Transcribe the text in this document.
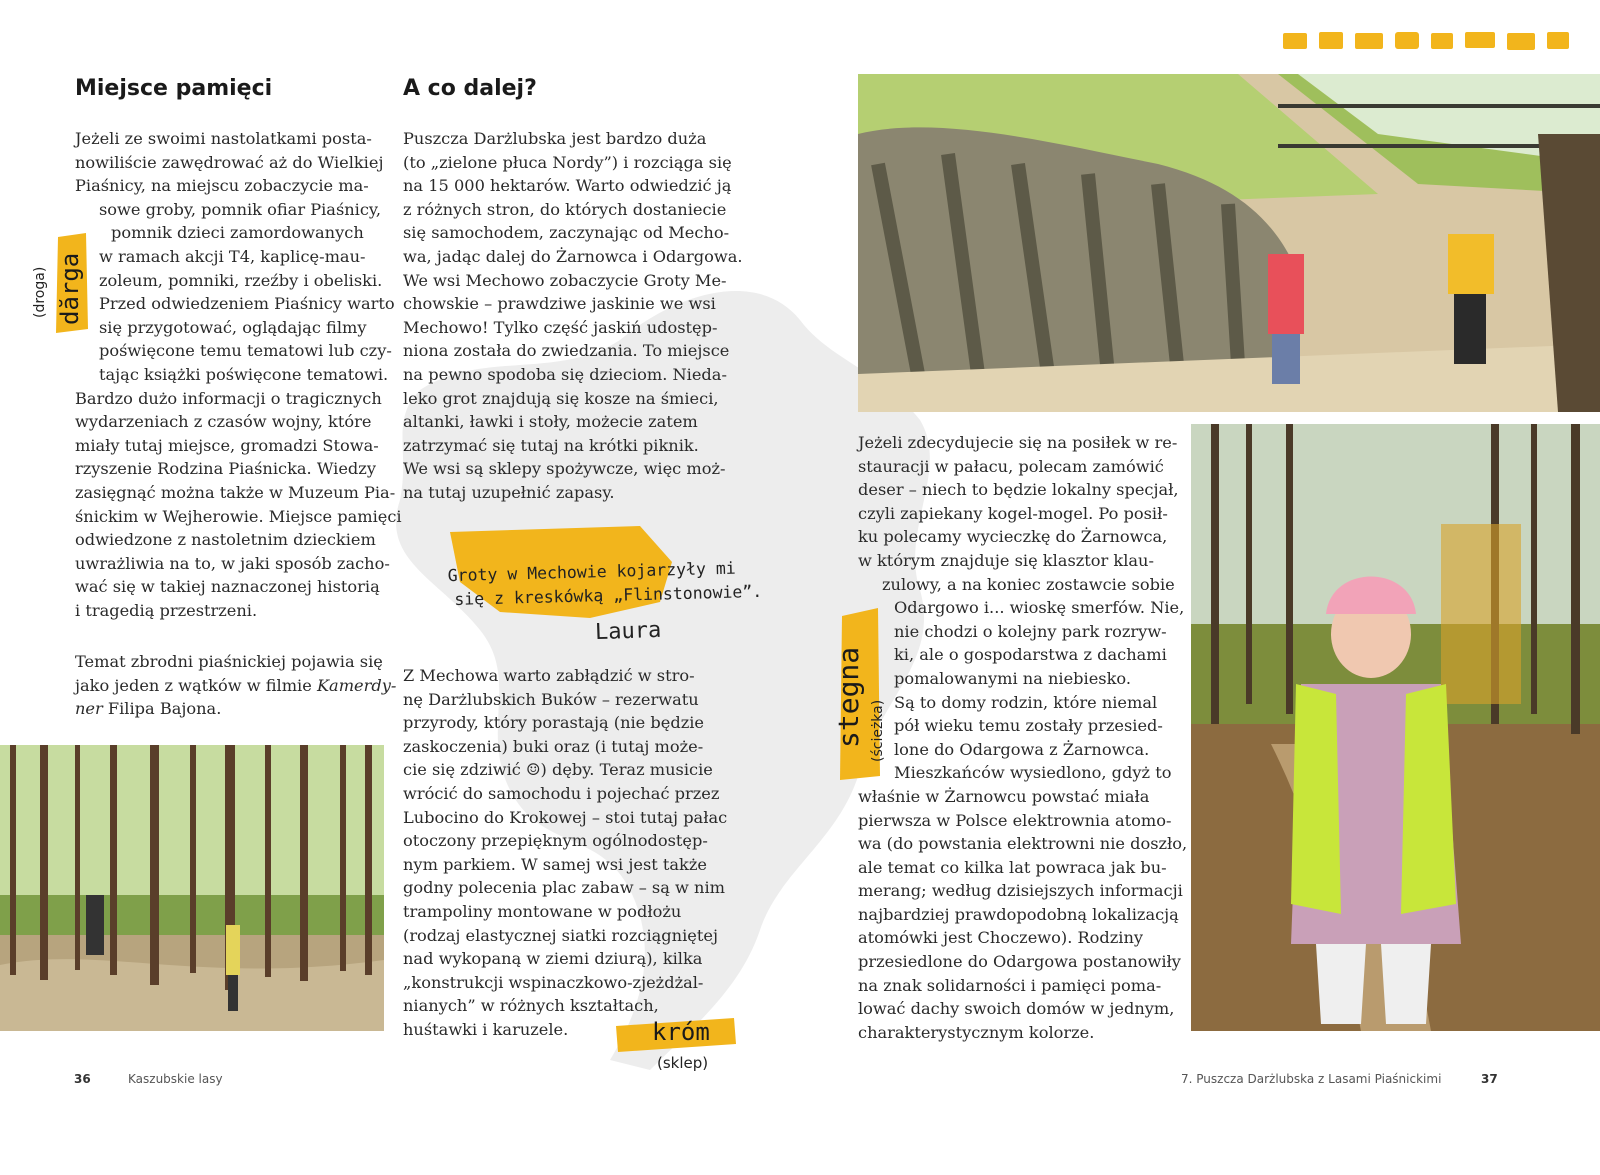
Miejsce pamięci
Jeżeli ze swoimi nastolatkami posta-
nowiliście zawędrować aż do Wielkiej
Piaśnicy, na miejscu zobaczycie ma-
sowe groby, pomnik ofiar Piaśnicy,
pomnik dzieci zamordowanych
w ramach akcji T4, kaplicę-mau-
zoleum, pomniki, rzeźby i obeliski.
Przed odwiedzeniem Piaśnicy warto
się przygotować, oglądając filmy
poświęcone temu tematowi lub czy-
tając książki poświęcone tematowi.
Bardzo dużo informacji o tragicznych
wydarzeniach z czasów wojny, które
miały tutaj miejsce, gromadzi Stowa-
rzyszenie Rodzina Piaśnicka. Wiedzy
zasięgnąć można także w Muzeum Pia-
śnickim w Wejherowie. Miejsce pamięci
odwiedzone z nastoletnim dzieckiem
uwrażliwia na to, w jaki sposób zacho-
wać się w takiej naznaczonej historią
i tragedią przestrzeni.
Temat zbrodni piaśnickiej pojawia się
jako jeden z wątków w filmie Kamerdy-
ner Filipa Bajona.
dărga
(droga)
A co dalej?
Puszcza Darżlubska jest bardzo duża
(to „zielone płuca Nordy”) i rozciąga się
na 15 000 hektarów. Warto odwiedzić ją
z różnych stron, do których dostaniecie
się samochodem, zaczynając od Mecho-
wa, jadąc dalej do Żarnowca i Odargowa.
We wsi Mechowo zobaczycie Groty Me-
chowskie – prawdziwe jaskinie we wsi
Mechowo! Tylko część jaskiń udostęp-
niona została do zwiedzania. To miejsce
na pewno spodoba się dzieciom. Nieda-
leko grot znajdują się kosze na śmieci,
altanki, ławki i stoły, możecie zatem
zatrzymać się tutaj na krótki piknik.
We wsi są sklepy spożywcze, więc moż-
na tutaj uzupełnić zapasy.
Groty w Mechowie kojarzyły mi
się z kreskówką „Flinstonowie”.
Laura
Z Mechowa warto zabłądzić w stro-
nę Darżlubskich Buków – rezerwatu
przyrody, który porastają (nie będzie
zaskoczenia) buki oraz (i tutaj może-
cie się zdziwić ☺) dęby. Teraz musicie
wrócić do samochodu i pojechać przez
Lubocino do Krokowej – stoi tutaj pałac
otoczony przepięknym ogólnodostęp-
nym parkiem. W samej wsi jest także
godny polecenia plac zabaw – są w nim
trampoliny montowane w podłożu
(rodzaj elastycznej siatki rozciągniętej
nad wykopaną w ziemi dziurą), kilka
„konstrukcji wspinaczkowo-zjeżdżal-
nianych” w różnych kształtach,
huśtawki i karuzele.	króm
(sklep)
Jeżeli zdecydujecie się na posiłek w re-
stauracji w pałacu, polecam zamówić
deser – niech to będzie lokalny specjał,
czyli zapiekany kogel-mogel. Po posił-
ku polecamy wycieczkę do Żarnowca,
w którym znajduje się klasztor klau-
zulowy, a na koniec zostawcie sobie
Odargowo i... wioskę smerfów. Nie,
nie chodzi o kolejny park rozryw-
ki, ale o gospodarstwa z dachami
pomalowanymi na niebiesko.
Są to domy rodzin, które niemal
pół wieku temu zostały przesied-
lone do Odargowa z Żarnowca.
Mieszkańców wysiedlono, gdyż to
właśnie w Żarnowcu powstać miała
pierwsza w Polsce elektrownia atomo-
wa (do powstania elektrowni nie doszło,
ale temat co kilka lat powraca jak bu-
merang; według dzisiejszych informacji
najbardziej prawdopodobną lokalizacją
atomówki jest Choczewo). Rodziny
przesiedlone do Odargowa postanowiły
na znak solidarności i pamięci poma-
lować dachy swoich domów w jednym,
charakterystycznym kolorze.
stegna (ścieżka)
36	Kaszubskie lasy	7. Puszcza Darżlubska z Lasami Piaśnickimi	37
